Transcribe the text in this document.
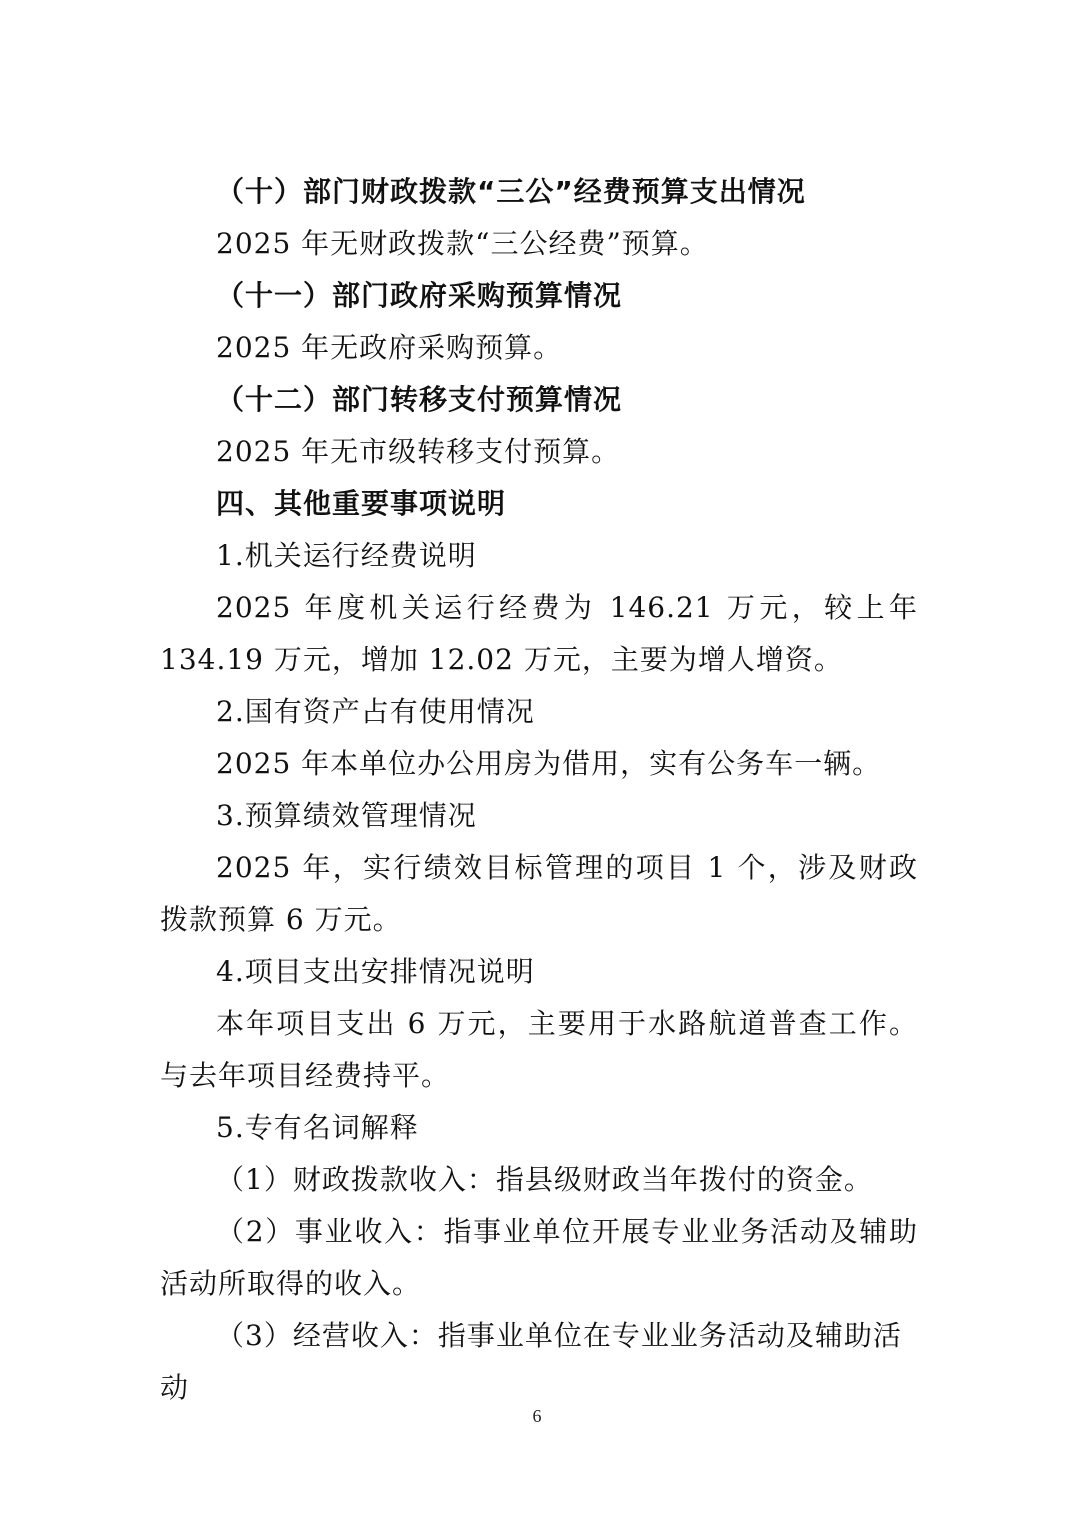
（十）部门财政拨款“三公”经费预算支出情况

2025 年无财政拨款“三公经费”预算。

（十一）部门政府采购预算情况

2025 年无政府采购预算。

（十二）部门转移支付预算情况

2025 年无市级转移支付预算。

四、其他重要事项说明

1.机关运行经费说明

2025 年度机关运行经费为 146.21 万元，较上年 134.19 万元，增加 12.02 万元，主要为增人增资。

2.国有资产占有使用情况

2025 年本单位办公用房为借用，实有公务车一辆。

3.预算绩效管理情况

2025 年，实行绩效目标管理的项目 1 个，涉及财政拨款预算 6 万元。

4.项目支出安排情况说明

本年项目支出 6 万元，主要用于水路航道普查工作。与去年项目经费持平。

5.专有名词解释

（1）财政拨款收入：指县级财政当年拨付的资金。

（2）事业收入：指事业单位开展专业业务活动及辅助活动所取得的收入。

（3）经营收入：指事业单位在专业业务活动及辅助活动

6
